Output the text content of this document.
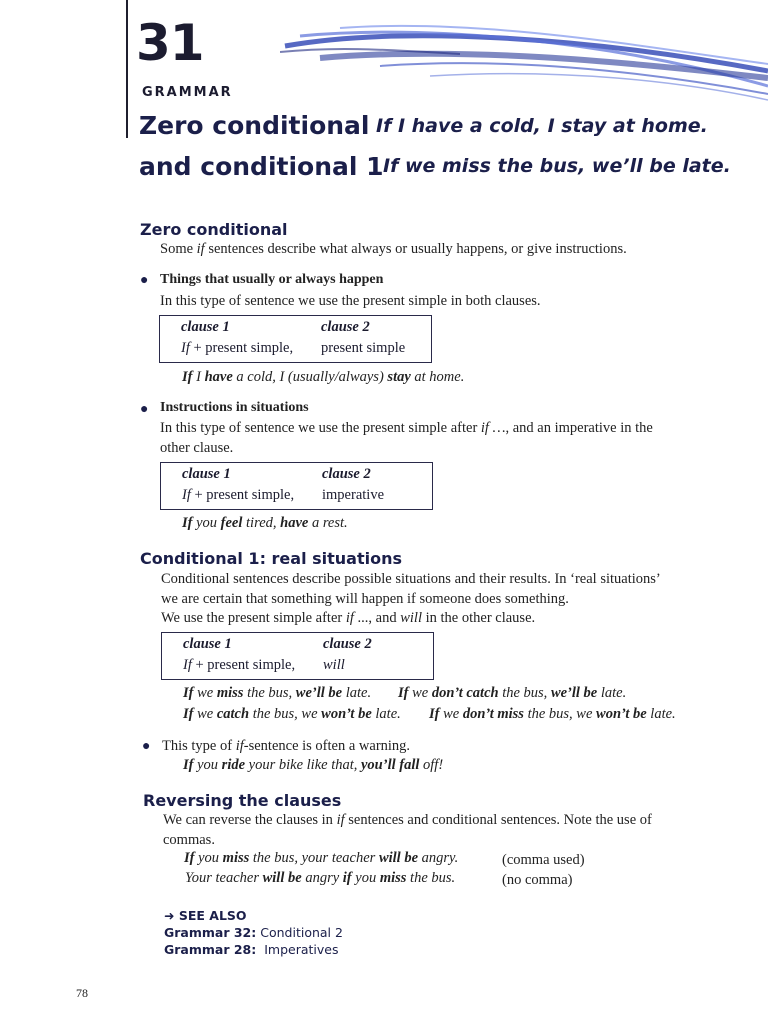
31
GRAMMAR
Zero conditional If I have a cold, I stay at home.
and conditional 1 If we miss the bus, we’ll be late.
Zero conditional
Some if sentences describe what always or usually happens, or give instructions.
● Things that usually or always happen
In this type of sentence we use the present simple in both clauses.
clause 1	clause 2
If + present simple, present simple
If I have a cold, I (usually/always) stay at home.
● Instructions in situations
In this type of sentence we use the present simple after if …, and an imperative in the
other clause.
clause 1	clause 2
If + present simple, imperative
If you feel tired, have a rest.
Conditional 1: real situations
Conditional sentences describe possible situations and their results. In ‘real situations’
we are certain that something will happen if someone does something.
We use the present simple after if ..., and will in the other clause.
clause 1	clause 2
If + present simple, will
If we miss the bus, we’ll be late. If we don’t catch the bus, we’ll be late.
If we catch the bus, we won’t be late. If we don’t miss the bus, we won’t be late.
● This type of if-sentence is often a warning.
If you ride your bike like that, you’ll fall off!
Reversing the clauses
We can reverse the clauses in if sentences and conditional sentences. Note the use of
commas.
If you miss the bus, your teacher will be angry.	(comma used)
Your teacher will be angry if you miss the bus.	(no comma)
➜ SEE ALSO
Grammar 32: Conditional 2
Grammar 28:  Imperatives
78
